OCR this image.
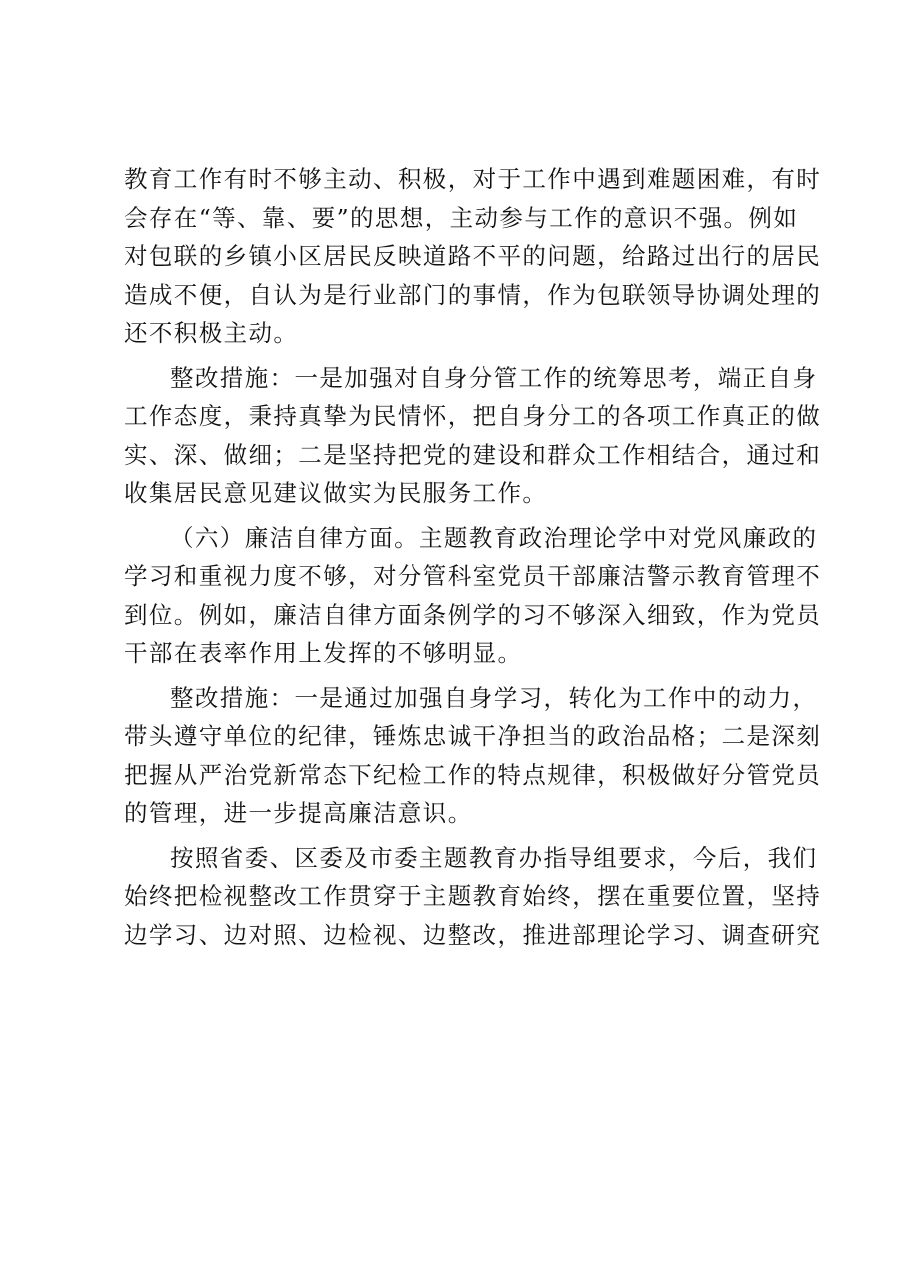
教育工作有时不够主动、积极，对于工作中遇到难题困难，有时
会存在“等、靠、要”的思想，主动参与工作的意识不强。例如
对包联的乡镇小区居民反映道路不平的问题，给路过出行的居民
造成不便，自认为是行业部门的事情，作为包联领导协调处理的
还不积极主动。

整改措施：一是加强对自身分管工作的统筹思考，端正自身
工作态度，秉持真挚为民情怀，把自身分工的各项工作真正的做
实、深、做细；二是坚持把党的建设和群众工作相结合，通过和
收集居民意见建议做实为民服务工作。

（六）廉洁自律方面。主题教育政治理论学中对党风廉政的
学习和重视力度不够，对分管科室党员干部廉洁警示教育管理不
到位。例如，廉洁自律方面条例学的习不够深入细致，作为党员
干部在表率作用上发挥的不够明显。

整改措施：一是通过加强自身学习，转化为工作中的动力，
带头遵守单位的纪律，锤炼忠诚干净担当的政治品格；二是深刻
把握从严治党新常态下纪检工作的特点规律，积极做好分管党员
的管理，进一步提高廉洁意识。

按照省委、区委及市委主题教育办指导组要求，今后，我们
始终把检视整改工作贯穿于主题教育始终，摆在重要位置，坚持
边学习、边对照、边检视、边整改，推进部理论学习、调查研究
